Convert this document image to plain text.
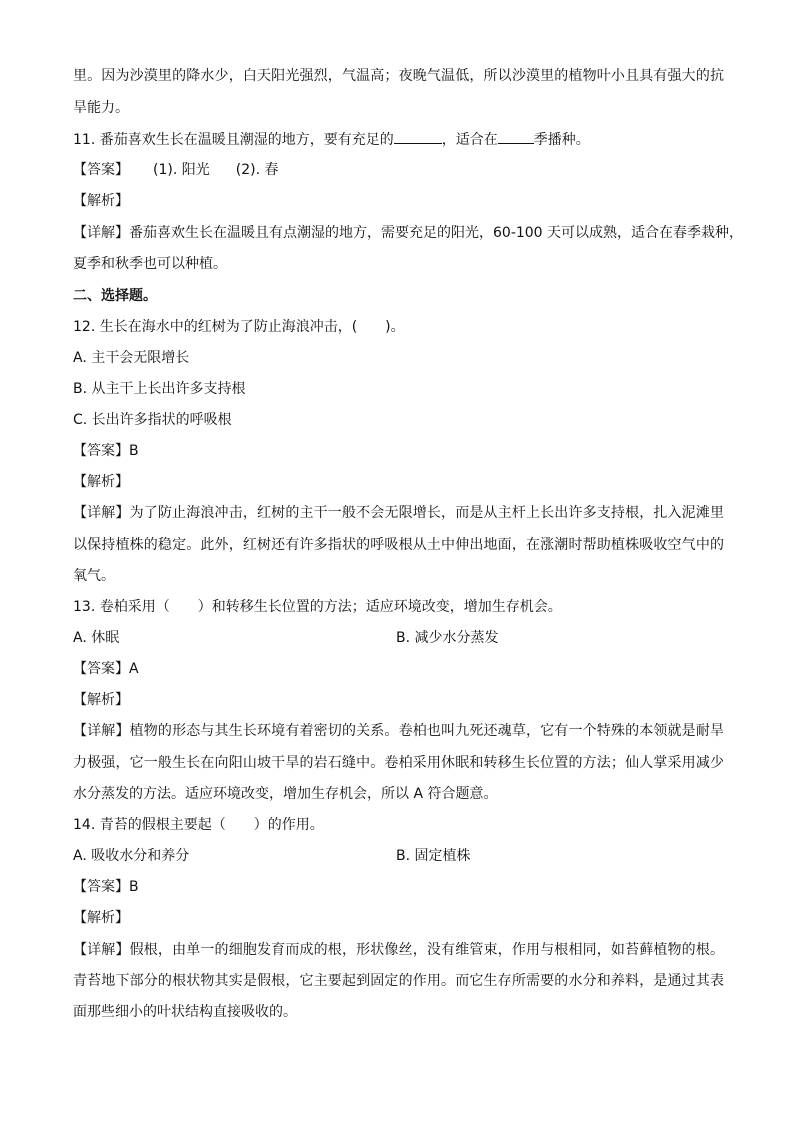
里。因为沙漠里的降水少，白天阳光强烈，气温高；夜晚气温低，所以沙漠里的植物叶小且具有强大的抗
旱能力。
11. 番茄喜欢生长在温暖且潮湿的地方，要有充足的	，适合在	季播种。
【答案】 (1). 阳光 (2). 春
【解析】
【详解】番茄喜欢生长在温暖且有点潮湿的地方，需要充足的阳光，60-100 天可以成熟，适合在春季栽种，
夏季和秋季也可以种植。
二、选择题。
12. 生长在海水中的红树为了防止海浪冲击，(　　)。
A. 主干会无限增长
B. 从主干上长出许多支持根
C. 长出许多指状的呼吸根
【答案】B
【解析】
【详解】为了防止海浪冲击，红树的主干一般不会无限增长，而是从主杆上长出许多支持根，扎入泥滩里
以保持植株的稳定。此外，红树还有许多指状的呼吸根从土中伸出地面，在涨潮时帮助植株吸收空气中的
氧气。
13. 卷柏采用（　　）和转移生长位置的方法；适应环境改变，增加生存机会。
A. 休眠	B. 减少水分蒸发
【答案】A
【解析】
【详解】植物的形态与其生长环境有着密切的关系。卷柏也叫九死还魂草，它有一个特殊的本领就是耐旱
力极强，它一般生长在向阳山坡干旱的岩石缝中。卷柏采用休眠和转移生长位置的方法；仙人掌采用减少
水分蒸发的方法。适应环境改变，增加生存机会，所以 A 符合题意。
14. 青苔的假根主要起（　　）的作用。
A. 吸收水分和养分	B. 固定植株
【答案】B
【解析】
【详解】假根，由单一的细胞发育而成的根，形状像丝，没有维管束，作用与根相同，如苔藓植物的根。
青苔地下部分的根状物其实是假根，它主要起到固定的作用。而它生存所需要的水分和养料，是通过其表
面那些细小的叶状结构直接吸收的。
